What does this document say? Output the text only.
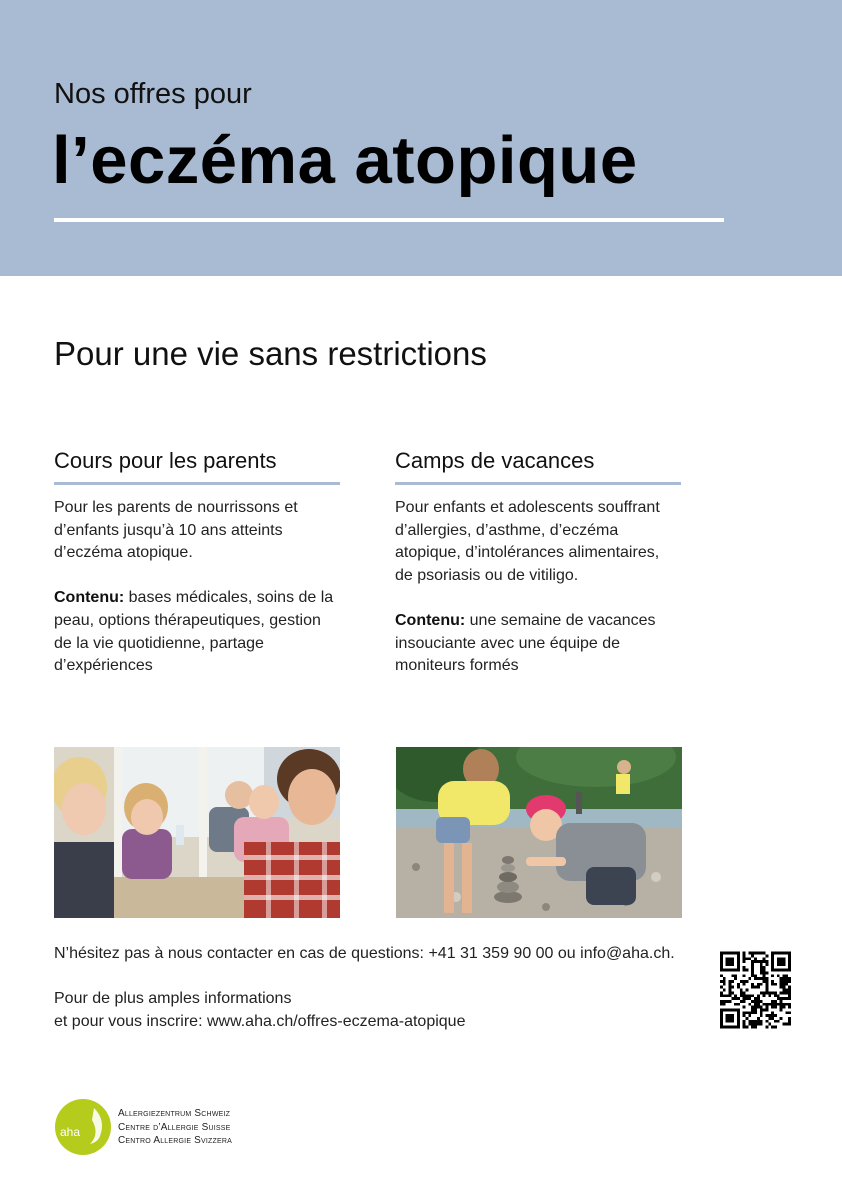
Nos offres pour
l’eczéma atopique
Pour une vie sans restrictions
Cours pour les parents
Pour les parents de nourrissons et d’enfants jusqu’à 10 ans atteints d’eczéma atopique.
Contenu: bases médicales, soins de la peau, options thérapeutiques, gestion de la vie quotidienne, partage d’expériences
Camps de vacances
Pour enfants et adolescents souffrant d’allergies, d’asthme, d’eczéma atopique, d’intolérances alimentaires, de psoriasis ou de vitiligo.
Contenu: une semaine de vacances insouciante avec une équipe de moniteurs formés
N’hésitez pas à nous contacter en cas de questions: +41 31 359 90 00 ou info@aha.ch.
Pour de plus amples informations
et pour vous inscrire: www.aha.ch/offres-eczema-atopique
aha
Allergiezentrum Schweiz
Centre d’Allergie Suisse
Centro Allergie Svizzera
